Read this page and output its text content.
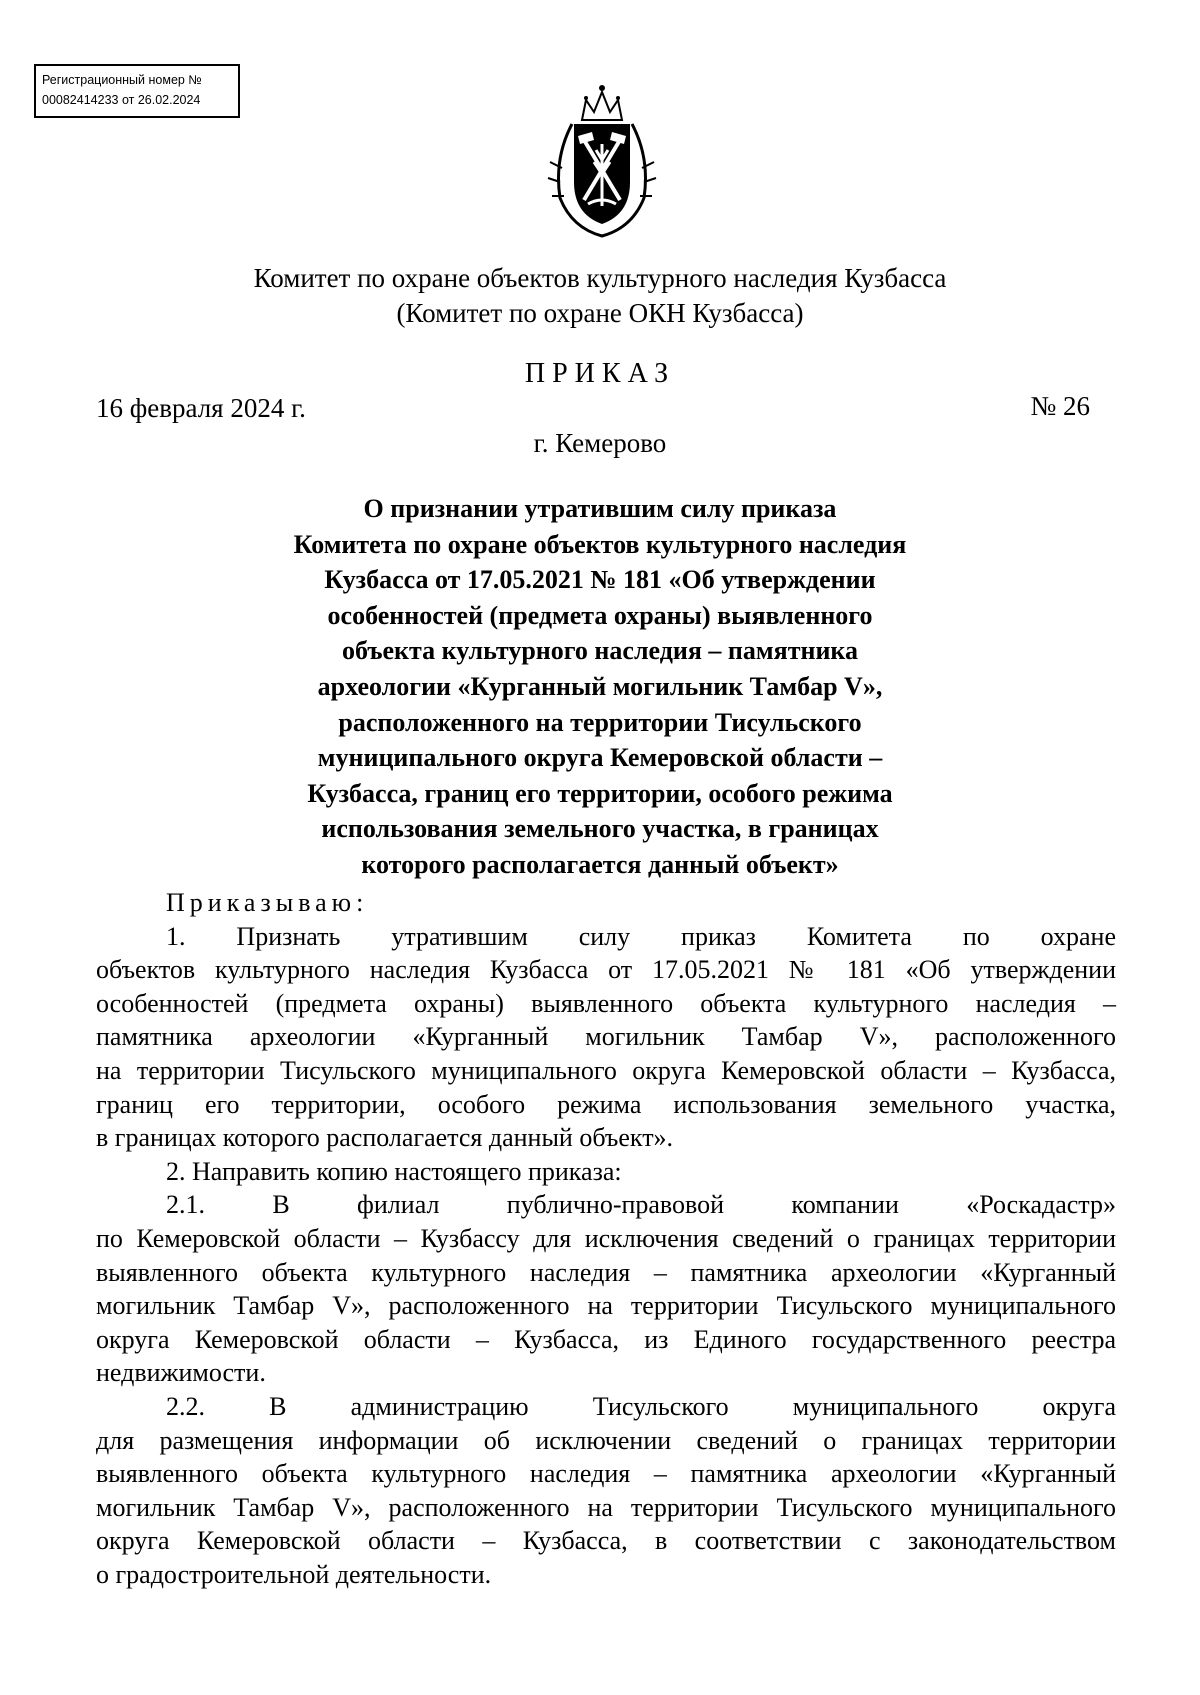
Регистрационный номер №
00082414233 от 26.02.2024
Комитет по охране объектов культурного наследия Кузбасса
(Комитет по охране ОКН Кузбасса)
ПРИКАЗ
16 февраля 2024 г.	№ 26
г. Кемерово
О признании утратившим силу приказа
Комитета по охране объектов культурного наследия
Кузбасса от 17.05.2021 № 181 «Об утверждении
особенностей (предмета охраны) выявленного
объекта культурного наследия – памятника
археологии «Курганный могильник Тамбар V»,
расположенного на территории Тисульского
муниципального округа Кемеровской области –
Кузбасса, границ его территории, особого режима
использования земельного участка, в границах
которого располагается данный объект»
Приказываю:
1. Признать утратившим силу приказ Комитета по охране
объектов культурного наследия Кузбасса от 17.05.2021 № 181 «Об утверждении
особенностей (предмета охраны) выявленного объекта культурного наследия –
памятника археологии «Курганный могильник Тамбар V», расположенного
на территории Тисульского муниципального округа Кемеровской области – Кузбасса,
границ его территории, особого режима использования земельного участка,
в границах которого располагается данный объект».
2. Направить копию настоящего приказа:
2.1. В филиал публично-правовой компании «Роскадастр»
по Кемеровской области – Кузбассу для исключения сведений о границах территории
выявленного объекта культурного наследия – памятника археологии «Курганный
могильник Тамбар V», расположенного на территории Тисульского муниципального
округа Кемеровской области – Кузбасса, из Единого государственного реестра
недвижимости.
2.2. В администрацию Тисульского муниципального округа
для размещения информации об исключении сведений о границах территории
выявленного объекта культурного наследия – памятника археологии «Курганный
могильник Тамбар V», расположенного на территории Тисульского муниципального
округа Кемеровской области – Кузбасса, в соответствии с законодательством
о градостроительной деятельности.
